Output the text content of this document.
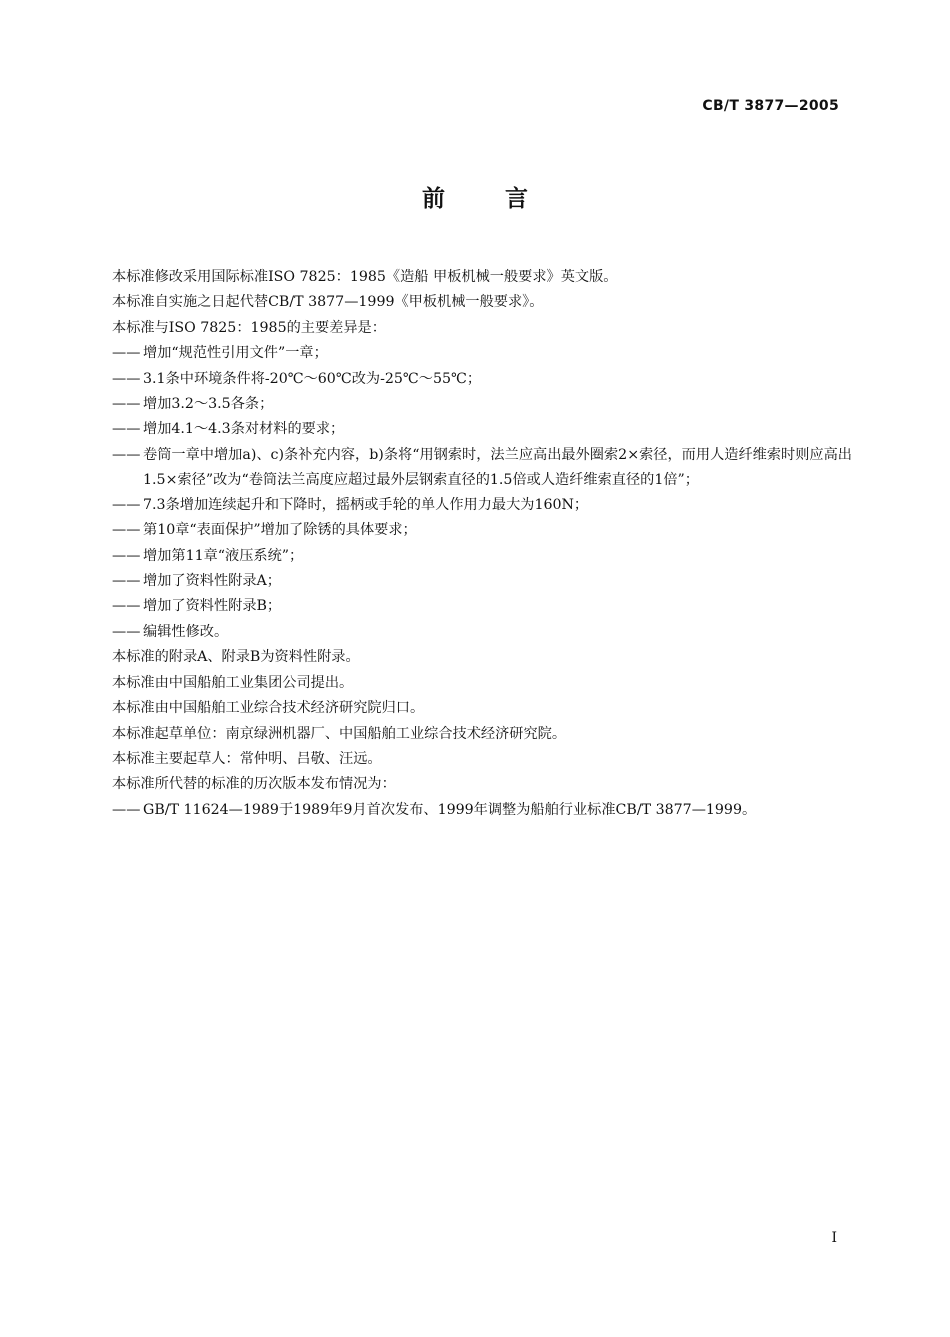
CB/T 3877—2005
前 言
本标准修改采用国际标准ISO 7825：1985《造船 甲板机械一般要求》英文版。
本标准自实施之日起代替CB/T 3877—1999《甲板机械一般要求》。
本标准与ISO 7825：1985的主要差异是：
—— 增加“规范性引用文件”一章；
—— 3.1条中环境条件将-20℃～60℃改为-25℃～55℃；
—— 增加3.2～3.5各条；
—— 增加4.1～4.3条对材料的要求；
—— 卷筒一章中增加a)、c)条补充内容，b)条将“用钢索时，法兰应高出最外圈索2×索径，而用人造纤维索时则应高出1.5×索径”改为“卷筒法兰高度应超过最外层钢索直径的1.5倍或人造纤维索直径的1倍”；
—— 7.3条增加连续起升和下降时，摇柄或手轮的单人作用力最大为160N；
—— 第10章“表面保护”增加了除锈的具体要求；
—— 增加第11章“液压系统”；
—— 增加了资料性附录A；
—— 增加了资料性附录B；
—— 编辑性修改。
本标准的附录A、附录B为资料性附录。
本标准由中国船舶工业集团公司提出。
本标准由中国船舶工业综合技术经济研究院归口。
本标准起草单位：南京绿洲机器厂、中国船舶工业综合技术经济研究院。
本标准主要起草人：常仲明、吕敬、汪远。
本标准所代替的标准的历次版本发布情况为：
—— GB/T 11624—1989于1989年9月首次发布、1999年调整为船舶行业标准CB/T 3877—1999。
I
